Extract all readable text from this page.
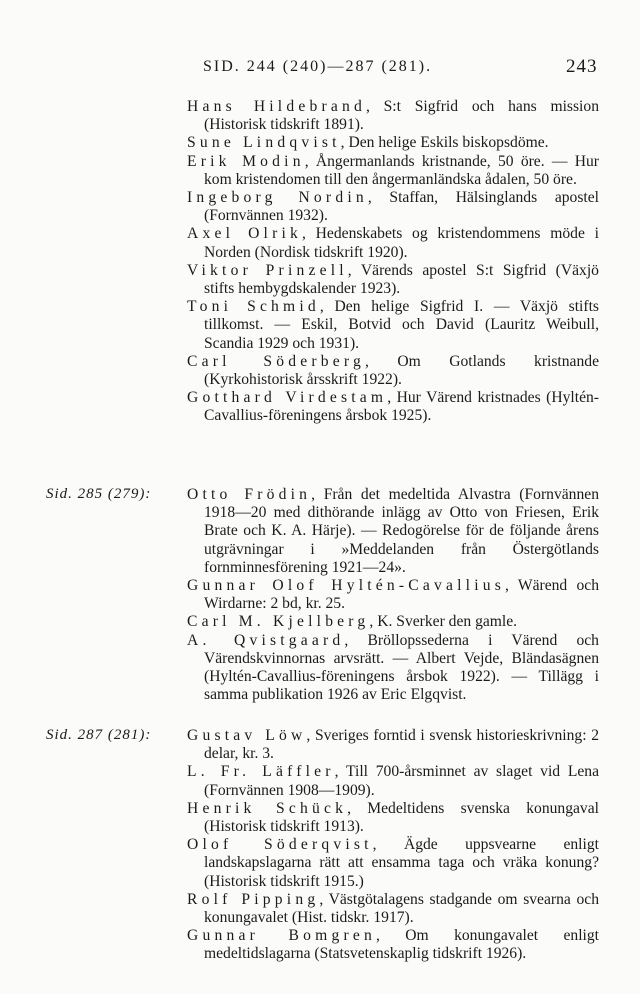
SID. 244 (240)—287 (281).	243

Hans Hildebrand, S:t Sigfrid och hans mission (Historisk tidskrift 1891).

Sune Lindqvist, Den helige Eskils biskopsdöme.

Erik Modin, Ångermanlands kristnande, 50 öre. — Hur kom kristendomen till den ångermanländska ådalen, 50 öre.

Ingeborg Nordin, Staffan, Hälsinglands apostel (Fornvännen 1932).

Axel Olrik, Hedenskabets og kristendommens möde i Norden (Nordisk tidskrift 1920).

Viktor Prinzell, Värends apostel S:t Sigfrid (Växjö stifts hembygdskalender 1923).

Toni Schmid, Den helige Sigfrid I. — Växjö stifts tillkomst. — Eskil, Botvid och David (Lauritz Weibull, Scandia 1929 och 1931).

Carl Söderberg, Om Gotlands kristnande (Kyrkohistorisk årsskrift 1922).

Gotthard Virdestam, Hur Värend kristnades (Hyltén-Cavallius-föreningens årsbok 1925).

Sid. 285 (279): Otto Frödin, Från det medeltida Alvastra (Fornvännen 1918—20 med dithörande inlägg av Otto von Friesen, Erik Brate och K. A. Härje). — Redogörelse för de följande årens utgrävningar i »Meddelanden från Östergötlands fornminnesförening 1921—24».

Gunnar Olof Hyltén-Cavallius, Wärend och Wirdarne: 2 bd, kr. 25.

Carl M. Kjellberg, K. Sverker den gamle.

A. Qvistgaard, Bröllopssederna i Värend och Värendskvinnornas arvsrätt. — Albert Vejde, Bländasägnen (Hyltén-Cavallius-föreningens årsbok 1922). — Tillägg i samma publikation 1926 av Eric Elgqvist.

Sid. 287 (281): Gustav Löw, Sveriges forntid i svensk historieskrivning: 2 delar, kr. 3.

L. Fr. Läffler, Till 700-årsminnet av slaget vid Lena (Fornvännen 1908—1909).

Henrik Schück, Medeltidens svenska konungaval (Historisk tidskrift 1913).

Olof Söderqvist, Ägde uppsvearne enligt landskapslagarna rätt att ensamma taga och vräka konung? (Historisk tidskrift 1915.)

Rolf Pipping, Västgötalagens stadgande om svearna och konungavalet (Hist. tidskr. 1917).

Gunnar Bomgren, Om konungavalet enligt medeltidslagarna (Statsvetenskaplig tidskrift 1926).
